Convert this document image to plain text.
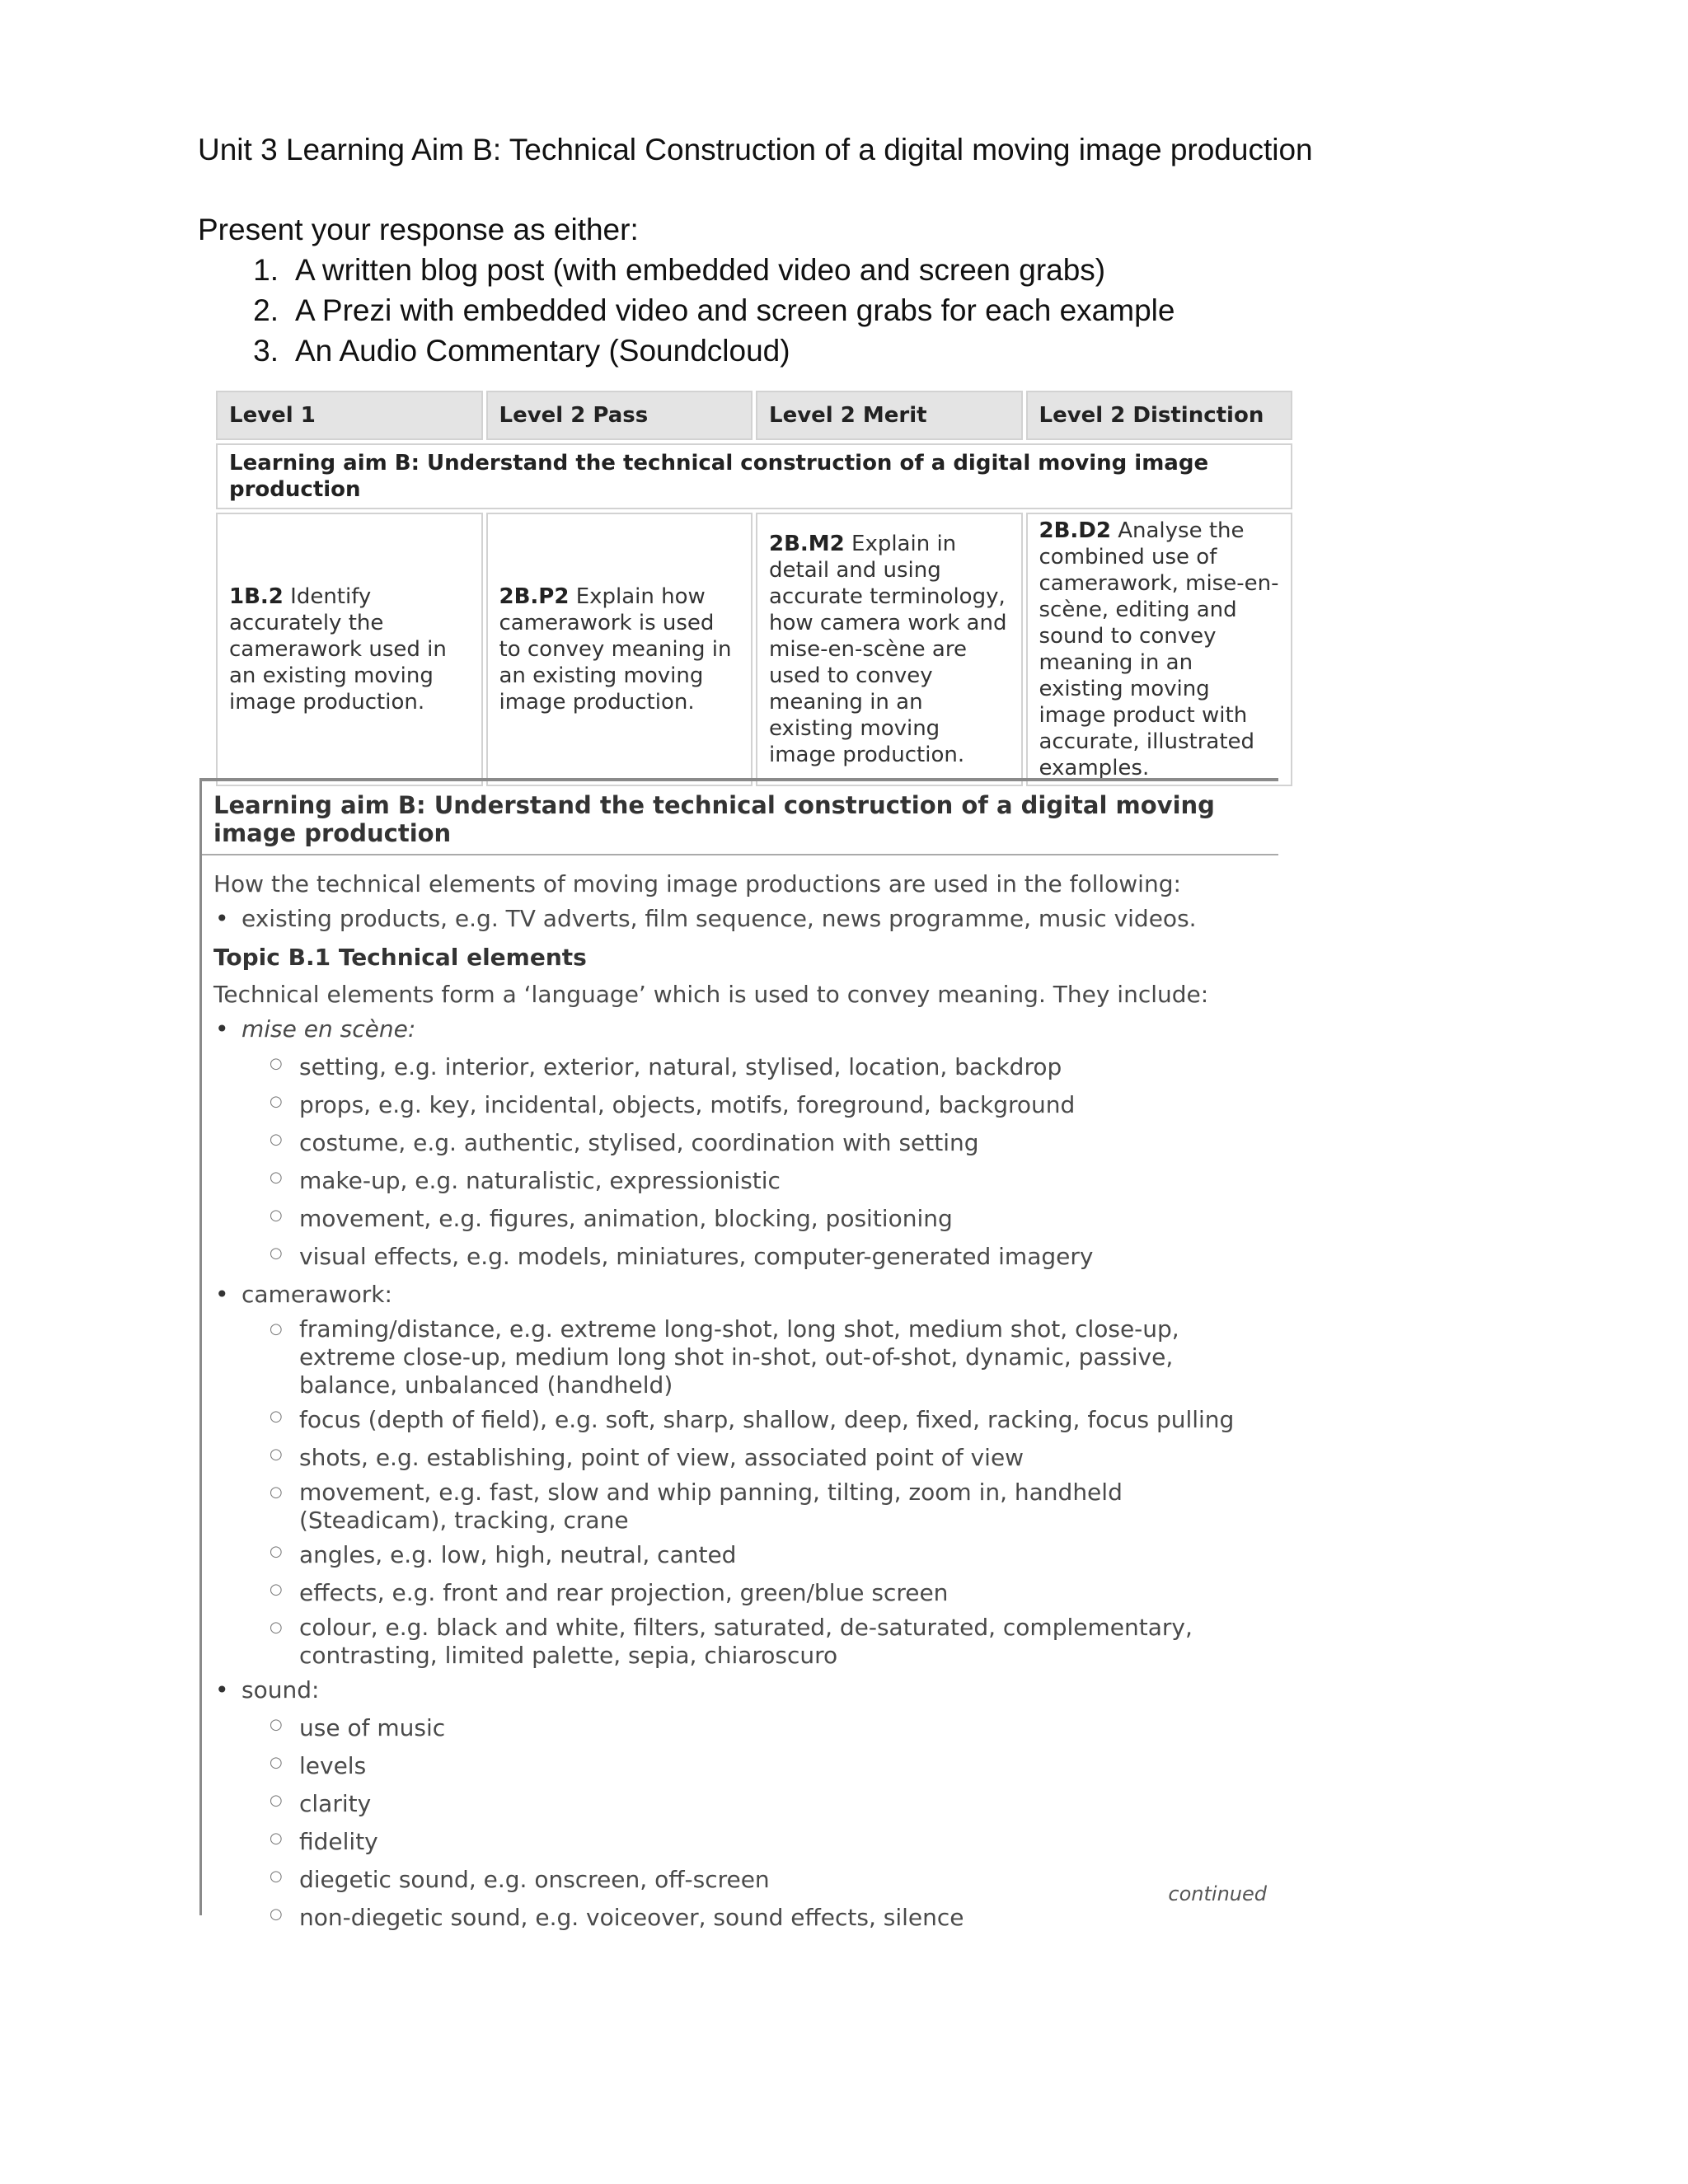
Unit 3 Learning Aim B: Technical Construction of a digital moving image production
Present your response as either:
1. A written blog post (with embedded video and screen grabs)
2. A Prezi with embedded video and screen grabs for each example
3. An Audio Commentary (Soundcloud)
Level 1	Level 2 Pass	Level 2 Merit	Level 2 Distinction
Learning aim B: Understand the technical construction of a digital moving image production			
1B.2 Identify accurately the camerawork used in an existing moving image production.	2B.P2 Explain how camerawork is used to convey meaning in an existing moving image production.	2B.M2 Explain in detail and using accurate terminology, how camera work and mise-en-scène are used to convey meaning in an existing moving image production.	2B.D2 Analyse the combined use of camerawork, mise-en-scène, editing and sound to convey meaning in an existing moving image product with accurate, illustrated examples.
Learning aim B: Understand the technical construction of a digital moving image production

How the technical elements of moving image productions are used in the following:

• existing products, e.g. TV adverts, film sequence, news programme, music videos.

Topic B.1 Technical elements

Technical elements form a ‘language’ which is used to convey meaning. They include:

• mise en scène:
○ setting, e.g. interior, exterior, natural, stylised, location, backdrop
○ props, e.g. key, incidental, objects, motifs, foreground, background
○ costume, e.g. authentic, stylised, coordination with setting
○ make-up, e.g. naturalistic, expressionistic
○ movement, e.g. figures, animation, blocking, positioning
○ visual effects, e.g. models, miniatures, computer-generated imagery
• camerawork:
○ framing/distance, e.g. extreme long-shot, long shot, medium shot, close-up, extreme close-up, medium long shot in-shot, out-of-shot, dynamic, passive, balance, unbalanced (handheld)
○ focus (depth of field), e.g. soft, sharp, shallow, deep, fixed, racking, focus pulling
○ shots, e.g. establishing, point of view, associated point of view
○ movement, e.g. fast, slow and whip panning, tilting, zoom in, handheld (Steadicam), tracking, crane
○ angles, e.g. low, high, neutral, canted
○ effects, e.g. front and rear projection, green/blue screen
○ colour, e.g. black and white, filters, saturated, de-saturated, complementary, contrasting, limited palette, sepia, chiaroscuro
• sound:
○ use of music
○ levels
○ clarity
○ fidelity
○ diegetic sound, e.g. onscreen, off-screen
○ non-diegetic sound, e.g. voiceover, sound effects, silence
continued
